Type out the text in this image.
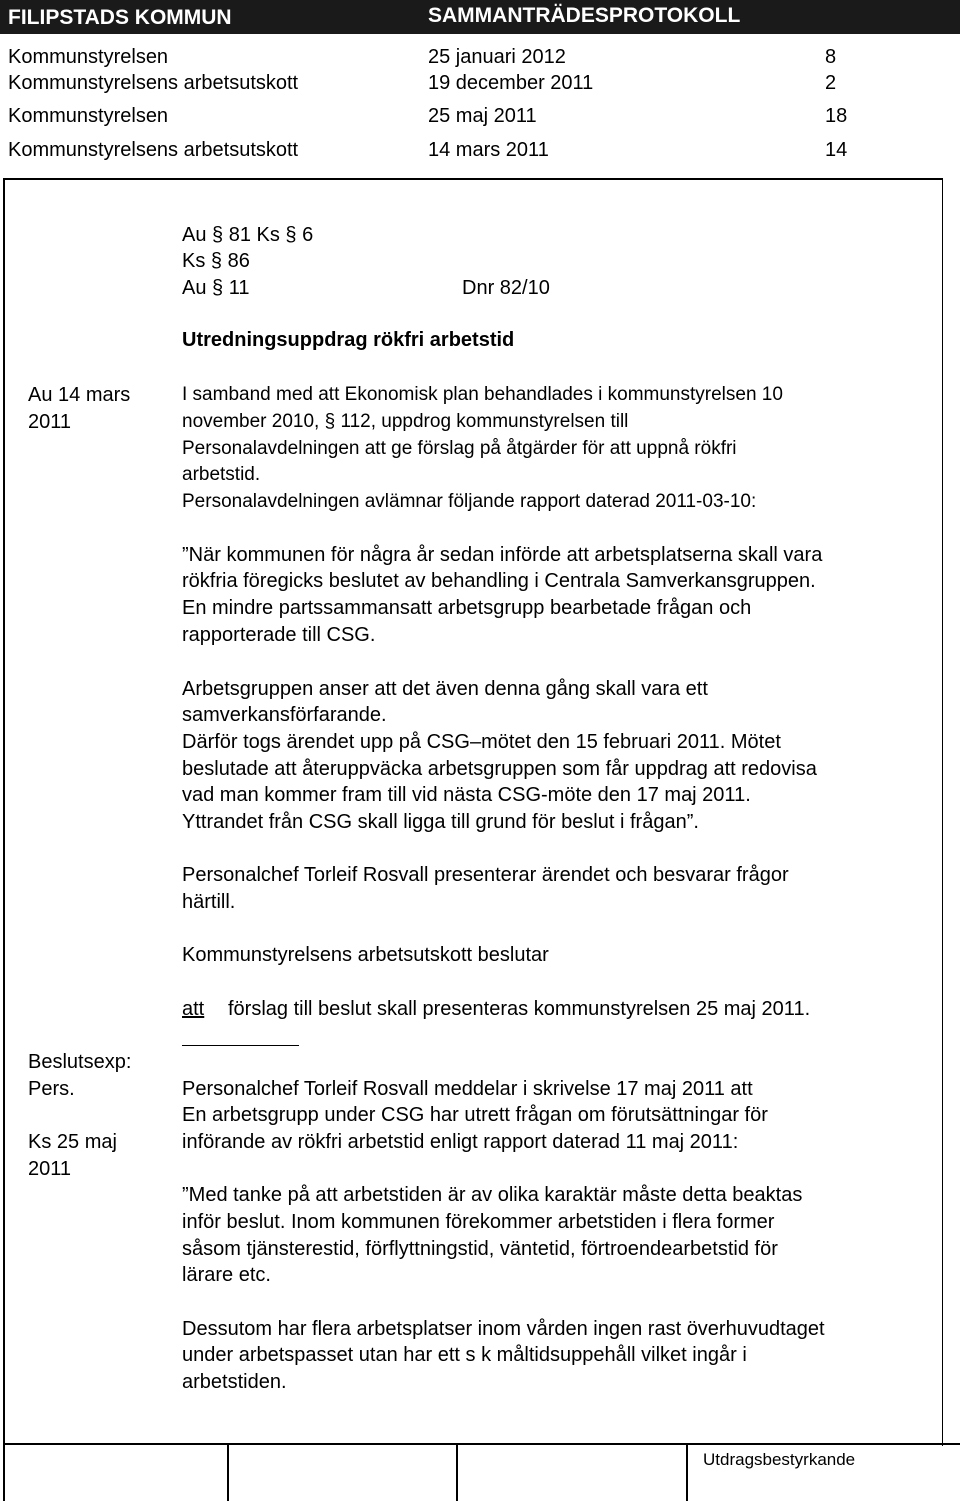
FILIPSTADS KOMMUN	SAMMANTRÄDESPROTOKOLL
Kommunstyrelsen	25 januari 2012	8
Kommunstyrelsens arbetsutskott	19 december 2011	2
Kommunstyrelsen	25 maj 2011	18
Kommunstyrelsens arbetsutskott	14 mars 2011	14
Au § 81 Ks § 6
Ks § 86
Au § 11	Dnr 82/10
Utredningsuppdrag rökfri arbetstid
Au 14 mars
2011
I samband med att Ekonomisk plan behandlades i kommunstyrelsen 10
november 2010, § 112, uppdrog kommunstyrelsen till
Personalavdelningen att ge förslag på åtgärder för att uppnå rökfri
arbetstid.
Personalavdelningen avlämnar följande rapport daterad 2011-03-10:
”När kommunen för några år sedan införde att arbetsplatserna skall vara
rökfria föregicks beslutet av behandling i Centrala Samverkansgruppen.
En mindre partssammansatt arbetsgrupp bearbetade frågan och
rapporterade till CSG.
Arbetsgruppen anser att det även denna gång skall vara ett
samverkansförfarande.
Därför togs ärendet upp på CSG–mötet den 15 februari 2011. Mötet
beslutade att återuppväcka arbetsgruppen som får uppdrag att redovisa
vad man kommer fram till vid nästa CSG-möte den 17 maj 2011.
Yttrandet från CSG skall ligga till grund för beslut i frågan”.
Personalchef Torleif Rosvall presenterar ärendet och besvarar frågor
härtill.
Kommunstyrelsens arbetsutskott beslutar
att förslag till beslut skall presenteras kommunstyrelsen 25 maj 2011.
Beslutsexp:
Pers.
Ks 25 maj
2011
Personalchef Torleif Rosvall meddelar i skrivelse 17 maj 2011 att
En arbetsgrupp under CSG har utrett frågan om förutsättningar för
införande av rökfri arbetstid enligt rapport daterad 11 maj 2011:
”Med tanke på att arbetstiden är av olika karaktär måste detta beaktas
inför beslut. Inom kommunen förekommer arbetstiden i flera former
såsom tjänsterestid, förflyttningstid, väntetid, förtroendearbetstid för
lärare etc.
Dessutom har flera arbetsplatser inom vården ingen rast överhuvudtaget
under arbetspasset utan har ett s k måltidsuppehåll vilket ingår i
arbetstiden.
Utdragsbestyrkande
